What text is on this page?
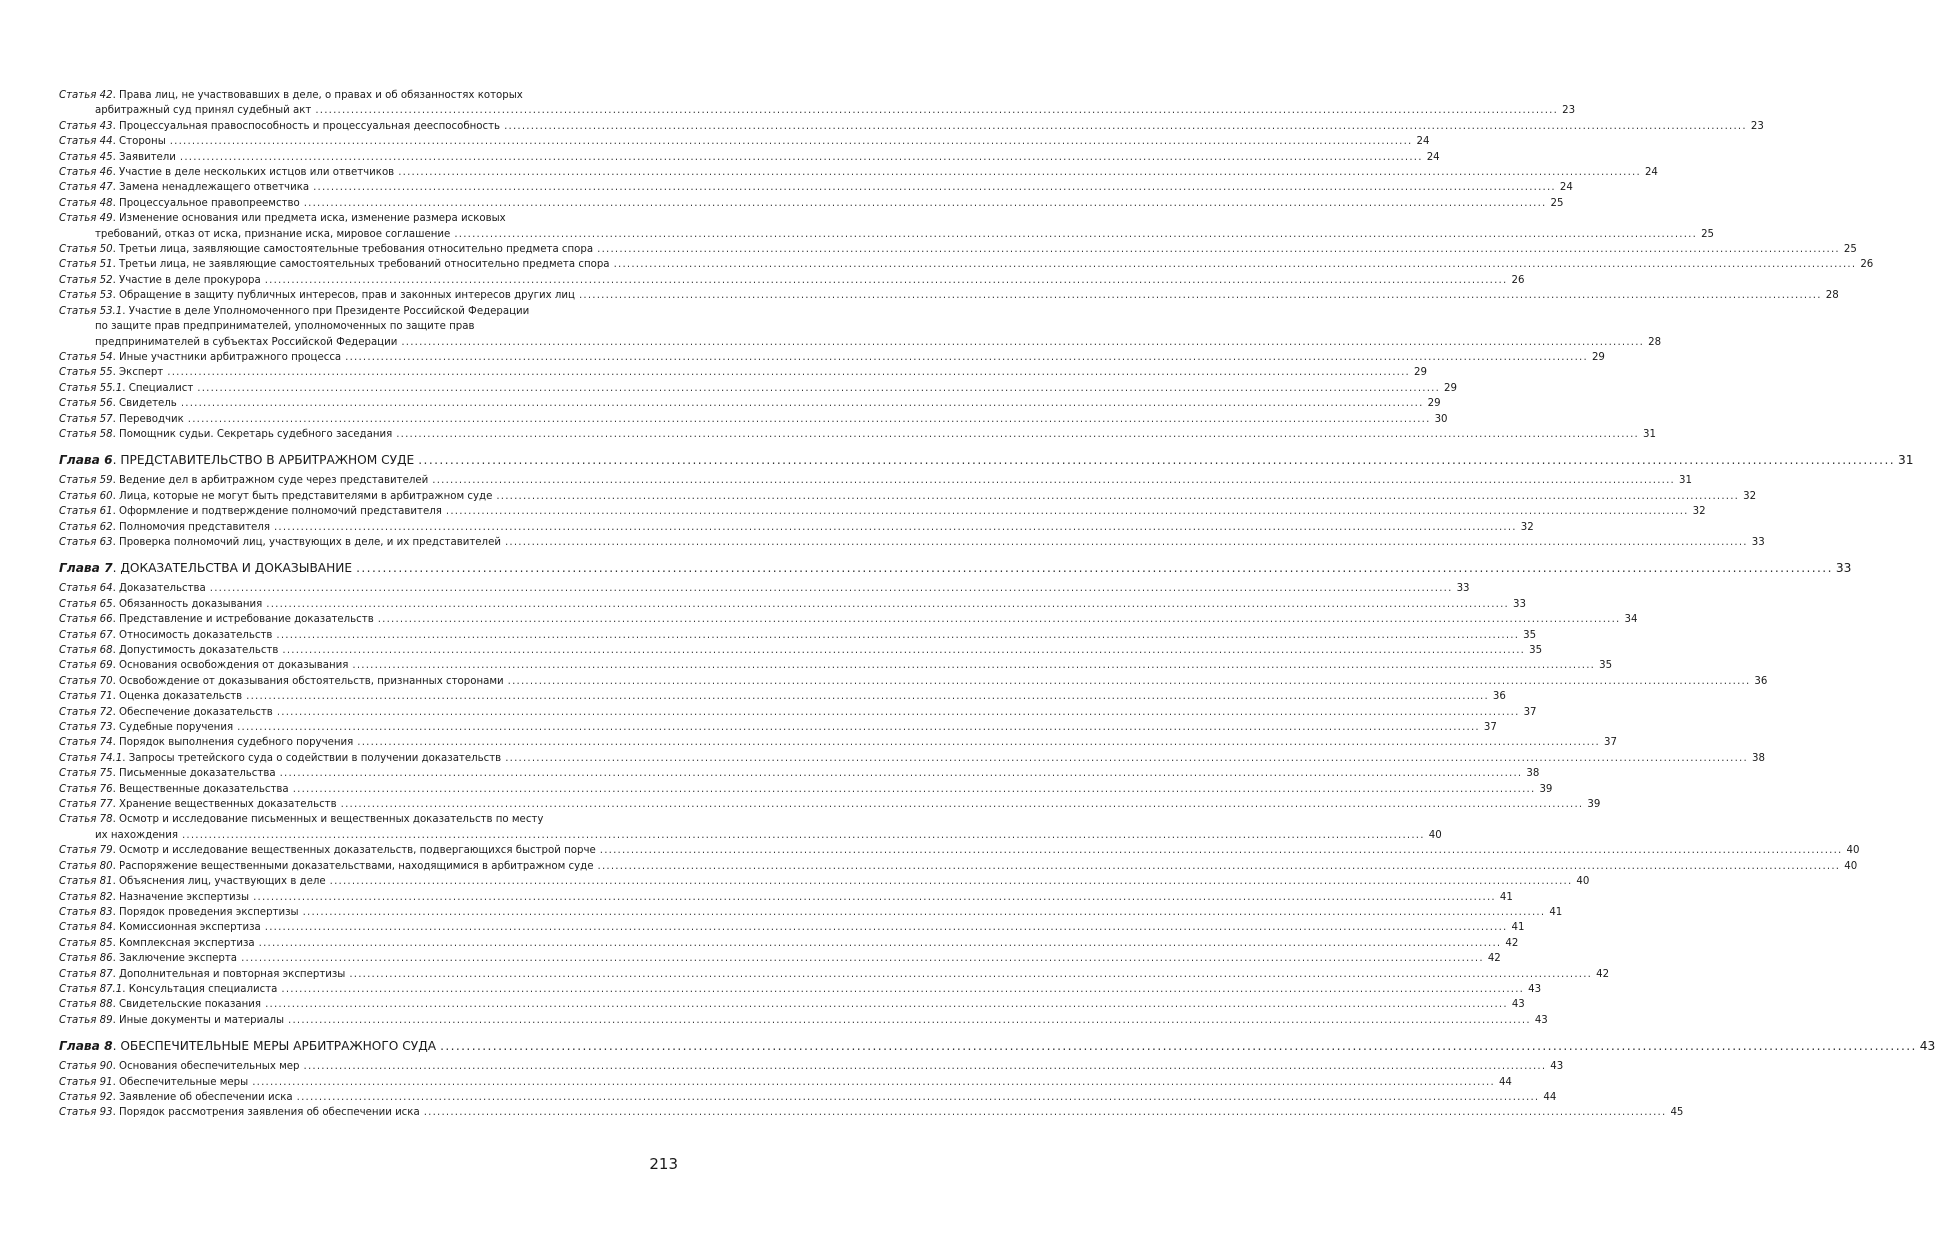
Статья 42. Права лиц, не участвовавших в деле, о правах и об обязанностях которых
арбитражный суд принял судебный акт .....	23
Статья 43. Процессуальная правоспособность и процессуальная дееспособность .....	23
Статья 44. Стороны .....	24
Статья 45. Заявители .....	24
Статья 46. Участие в деле нескольких истцов или ответчиков .....	24
Статья 47. Замена ненадлежащего ответчика .....	24
Статья 48. Процессуальное правопреемство .....	25
Статья 49. Изменение основания или предмета иска, изменение размера исковых
требований, отказ от иска, признание иска, мировое соглашение .....	25
Статья 50. Третьи лица, заявляющие самостоятельные требования относительно предмета спора .....	25
Статья 51. Третьи лица, не заявляющие самостоятельных требований относительно предмета спора .....	26
Статья 52. Участие в деле прокурора .....	26
Статья 53. Обращение в защиту публичных интересов, прав и законных интересов других лиц .....	28
Статья 53.1. Участие в деле Уполномоченного при Президенте Российской Федерации
по защите прав предпринимателей, уполномоченных по защите прав
предпринимателей в субъектах Российской Федерации .....	28
Статья 54. Иные участники арбитражного процесса .....	29
Статья 55. Эксперт .....	29
Статья 55.1. Специалист .....	29
Статья 56. Свидетель .....	29
Статья 57. Переводчик .....	30
Статья 58. Помощник судьи. Секретарь судебного заседания .....	31
Глава 6. ПРЕДСТАВИТЕЛЬСТВО В АРБИТРАЖНОМ СУДЕ .....	31
Статья 59. Ведение дел в арбитражном суде через представителей .....	31
Статья 60. Лица, которые не могут быть представителями в арбитражном суде .....	32
Статья 61. Оформление и подтверждение полномочий представителя .....	32
Статья 62. Полномочия представителя .....	32
Статья 63. Проверка полномочий лиц, участвующих в деле, и их представителей .....	33
Глава 7. ДОКАЗАТЕЛЬСТВА И ДОКАЗЫВАНИЕ .....	33
Статья 64. Доказательства .....	33
Статья 65. Обязанность доказывания .....	33
Статья 66. Представление и истребование доказательств .....	34
Статья 67. Относимость доказательств .....	35
Статья 68. Допустимость доказательств .....	35
Статья 69. Основания освобождения от доказывания .....	35
Статья 70. Освобождение от доказывания обстоятельств, признанных сторонами .....	36
Статья 71. Оценка доказательств .....	36
Статья 72. Обеспечение доказательств .....	37
Статья 73. Судебные поручения .....	37
Статья 74. Порядок выполнения судебного поручения .....	37
Статья 74.1. Запросы третейского суда о содействии в получении доказательств .....	38
Статья 75. Письменные доказательства .....	38
Статья 76. Вещественные доказательства .....	39
Статья 77. Хранение вещественных доказательств .....	39
Статья 78. Осмотр и исследование письменных и вещественных доказательств по месту
их нахождения .....	40
Статья 79. Осмотр и исследование вещественных доказательств, подвергающихся быстрой порче .....	40
Статья 80. Распоряжение вещественными доказательствами, находящимися в арбитражном суде .....	40
Статья 81. Объяснения лиц, участвующих в деле .....	40
Статья 82. Назначение экспертизы .....	41
Статья 83. Порядок проведения экспертизы .....	41
Статья 84. Комиссионная экспертиза .....	41
Статья 85. Комплексная экспертиза .....	42
Статья 86. Заключение эксперта .....	42
Статья 87. Дополнительная и повторная экспертизы .....	42
Статья 87.1. Консультация специалиста .....	43
Статья 88. Свидетельские показания .....	43
Статья 89. Иные документы и материалы .....	43
Глава 8. ОБЕСПЕЧИТЕЛЬНЫЕ МЕРЫ АРБИТРАЖНОГО СУДА .....	43
Статья 90. Основания обеспечительных мер .....	43
Статья 91. Обеспечительные меры .....	44
Статья 92. Заявление об обеспечении иска .....	44
Статья 93. Порядок рассмотрения заявления об обеспечении иска .....	45
213
